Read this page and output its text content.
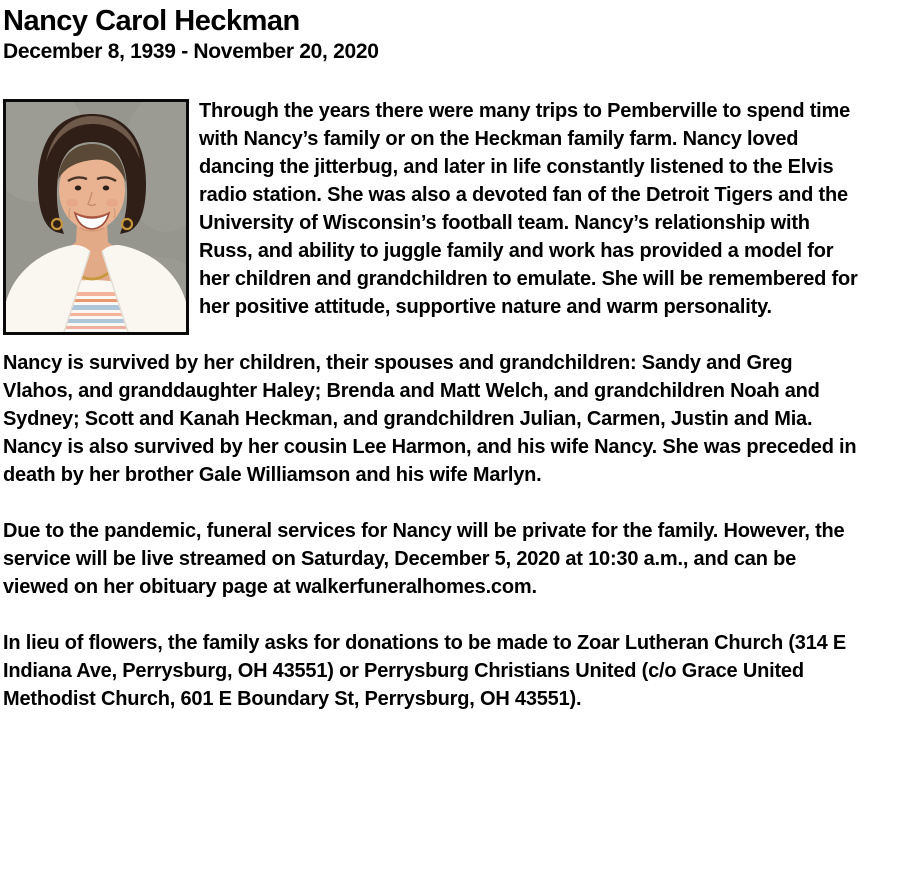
Nancy Carol Heckman
December 8, 1939 - November 20, 2020

Through the years there were many trips to Pemberville to spend time with Nancy’s family or on the Heckman family farm. Nancy loved dancing the jitterbug, and later in life constantly listened to the Elvis radio station. She was also a devoted fan of the Detroit Tigers and the University of Wisconsin’s football team. Nancy’s relationship with Russ, and ability to juggle family and work has provided a model for her children and grandchildren to emulate. She will be remembered for her positive attitude, supportive nature and warm personality.

Nancy is survived by her children, their spouses and grandchildren: Sandy and Greg Vlahos, and granddaughter Haley; Brenda and Matt Welch, and grandchildren Noah and Sydney; Scott and Kanah Heckman, and grandchildren Julian, Carmen, Justin and Mia. Nancy is also survived by her cousin Lee Harmon, and his wife Nancy. She was preceded in death by her brother Gale Williamson and his wife Marlyn.

Due to the pandemic, funeral services for Nancy will be private for the family. However, the service will be live streamed on Saturday, December 5, 2020 at 10:30 a.m., and can be viewed on her obituary page at walkerfuneralhomes.com.

In lieu of flowers, the family asks for donations to be made to Zoar Lutheran Church (314 E Indiana Ave, Perrysburg, OH 43551) or Perrysburg Christians United (c/o Grace United Methodist Church, 601 E Boundary St, Perrysburg, OH 43551).
